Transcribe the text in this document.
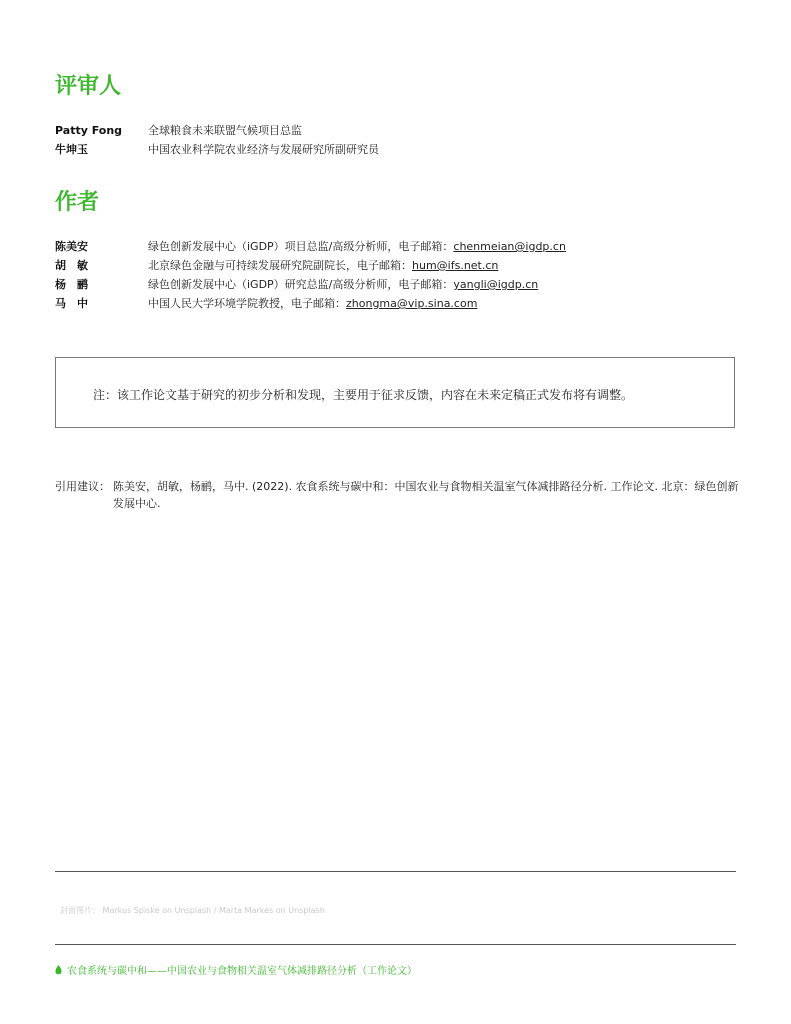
评审人
Patty Fong 全球粮食未来联盟气候项目总监
牛坤玉	中国农业科学院农业经济与发展研究所副研究员
作者
陈美安	绿色创新发展中心（iGDP）项目总监/高级分析师，电子邮箱：chenmeian@igdp.cn
胡　敏	北京绿色金融与可持续发展研究院副院长，电子邮箱：hum@ifs.net.cn
杨　鹂	绿色创新发展中心（iGDP）研究总监/高级分析师，电子邮箱：yangli@igdp.cn
马　中	中国人民大学环境学院教授，电子邮箱：zhongma@vip.sina.com
注：该工作论文基于研究的初步分析和发现，主要用于征求反馈，内容在未来定稿正式发布将有调整。
引用建议： 陈美安，胡敏，杨鹂，马中. (2022). 农食系统与碳中和：中国农业与食物相关温室气体减排路径分析. 工作论文. 北京：绿色创新发展中心.
封面图片： Markus Spiske on Unsplash / Marta Markes on Unsplash
农食系统与碳中和——中国农业与食物相关温室气体减排路径分析（工作论文）
